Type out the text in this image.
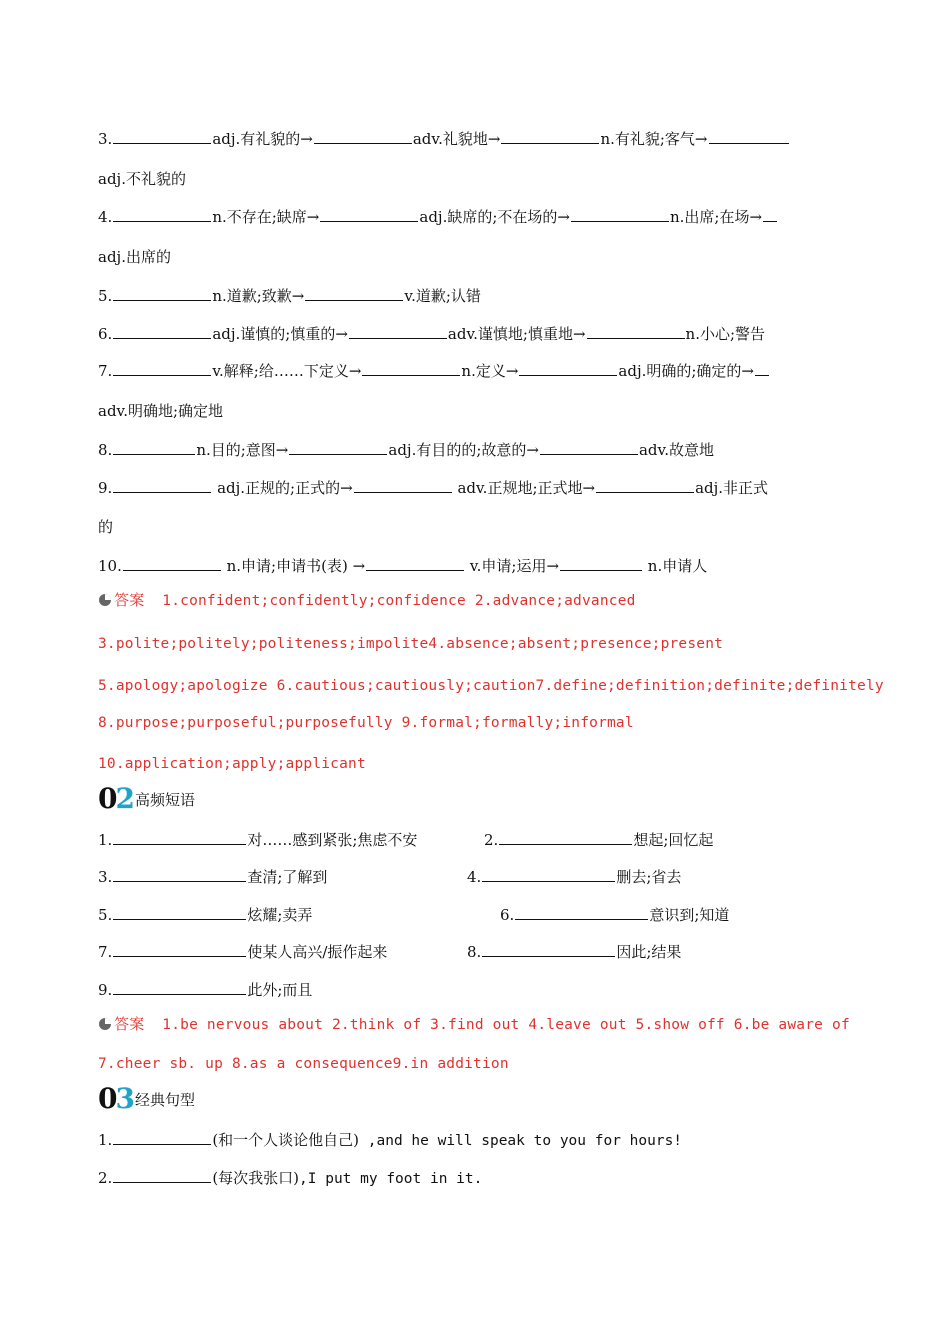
3.	adj.有礼貌的→	adv.礼貌地→	n.有礼貌;客气→
adj.不礼貌的
4.	n.不存在;缺席→	adj.缺席的;不在场的→	n.出席;在场→
adj.出席的
5.	n.道歉;致歉→	v.道歉;认错
6.	adj.谨慎的;慎重的→	adv.谨慎地;慎重地→	n.小心;警告
7.	v.解释;给……下定义→	n.定义→	adj.明确的;确定的→
adv.明确地;确定地
8.	n.目的;意图→	adj.有目的的;故意的→	adv.故意地
9.	adj.正规的;正式的→	adv.正规地;正式地→	adj.非正式
的
10.	n.申请;申请书(表) →	v.申请;运用→	n.申请人
答案 1.confident;confidently;confidence 2.advance;advanced
3.polite;politely;politeness;impolite4.absence;absent;presence;present
5.apology;apologize 6.cautious;cautiously;caution7.define;definition;definite;definitely
8.purpose;purposeful;purposefully 9.formal;formally;informal
10.application;apply;applicant
02高频短语
1.	对……感到紧张;焦虑不安	2.	想起;回忆起
3.	查清;了解到	4.	删去;省去
5.	炫耀;卖弄	6.	意识到;知道
7.	使某人高兴/振作起来	8.	因此;结果
9.	此外;而且
答案 1.be nervous about 2.think of 3.find out 4.leave out 5.show off 6.be aware of
7.cheer sb. up 8.as a consequence9.in addition
03经典句型
1.	(和一个人谈论他自己) ,and he will speak to you for hours!
2.	(每次我张口),I put my foot in it.
